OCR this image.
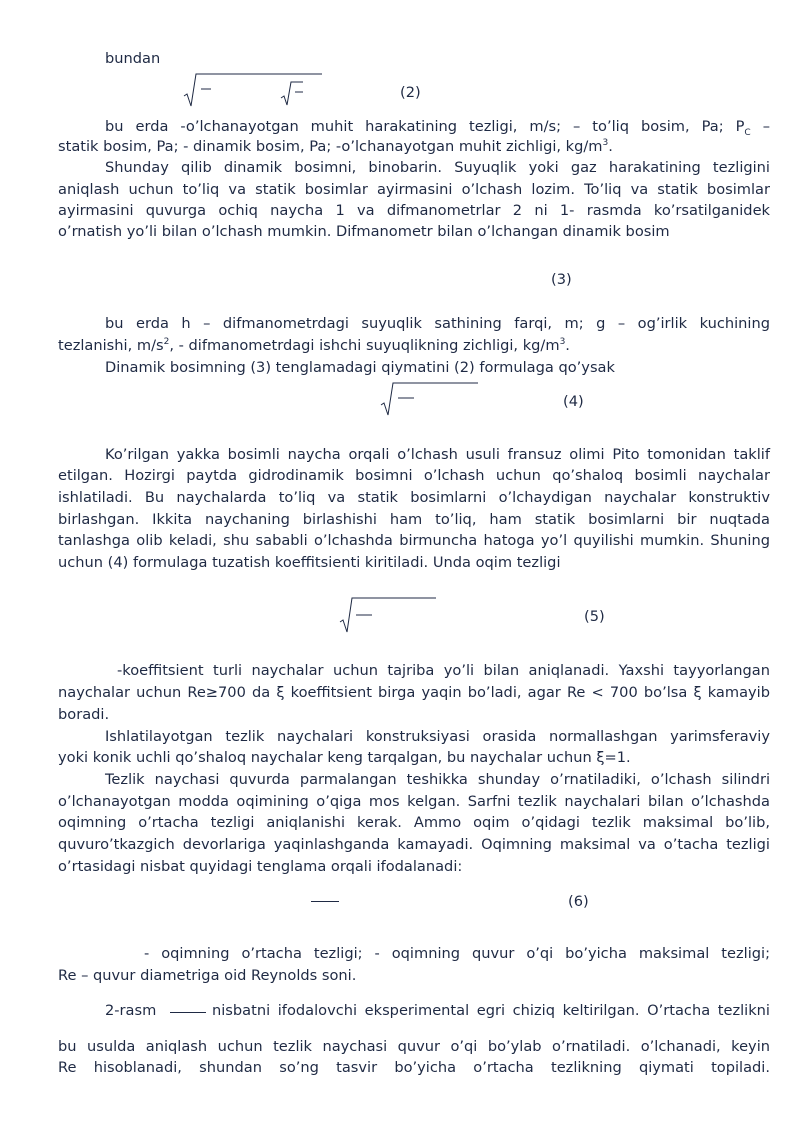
bundan
bu erda -o’lchanayotgan muhit harakatining tezligi, m/s; – to’liq bosim, Pa; $P_C$ –
statik bosim, Pa; - dinamik bosim, Pa; -o’lchanayotgan muhit zichligi, $kg/m^3$.
Shunday qilib dinamik bosimni, binobarin. Suyuqlik yoki gaz harakatining tezligini
aniqlash uchun to’liq va statik bosimlar ayirmasini o’lchash lozim. To’liq va statik bosimlar
ayirmasini quvurga ochiq naycha 1 va difmanometrlar 2 ni 1- rasmda ko’rsatilganidek
o’rnatish yo’li bilan o’lchash mumkin. Difmanometr bilan o’lchangan dinamik bosim
bu erda h – difmanometrdagi suyuqlik sathining farqi, m; g – og’irlik kuchining
tezlanishi, $m/s^2$, - difmanometrdagi ishchi suyuqlikning zichligi, $kg/m^3$.
Dinamik bosimning (3) tenglamadagi qiymatini (2) formulaga qo’ysak
Ko’rilgan yakka bosimli naycha orqali o’lchash usuli fransuz olimi Pito tomonidan taklif
etilgan. Hozirgi paytda gidrodinamik bosimni o’lchash uchun qo’shaloq bosimli naychalar
ishlatiladi. Bu naychalarda to’liq va statik bosimlarni o’lchaydigan naychalar konstruktiv
birlashgan. Ikkita naychaning birlashishi ham to’liq, ham statik bosimlarni bir nuqtada
tanlashga olib keladi, shu sababli o’lchashda birmuncha hatoga yo’l quyilishi mumkin. Shuning
uchun (4) formulaga tuzatish koeffitsienti kiritiladi. Unda oqim tezligi
-koeffitsient turli naychalar uchun tajriba yo’li bilan aniqlanadi. Yaxshi tayyorlangan
naychalar uchun Re≥700 da ξ koeffitsient birga yaqin bo’ladi, agar Re < 700 bo’lsa ξ kamayib
boradi.
Ishlatilayotgan tezlik naychalari konstruksiyasi orasida normallashgan yarimsferaviy
yoki konik uchli qo’shaloq naychalar keng tarqalgan, bu naychalar uchun ξ=1.
Tezlik naychasi quvurda parmalangan teshikka shunday o’rnatiladiki, o’lchash silindri
o’lchanayotgan modda oqimining o’qiga mos kelgan. Sarfni tezlik naychalari bilan o’lchashda
oqimning o’rtacha tezligi aniqlanishi kerak. Ammo oqim o’qidagi tezlik maksimal bo’lib,
quvuro’tkazgich devorlariga yaqinlashganda kamayadi. Oqimning maksimal va o’tacha tezligi
o’rtasidagi nisbat quyidagi tenglama orqali ifodalanadi:
- oqimning o’rtacha tezligi; - oqimning quvur o’qi bo’yicha maksimal tezligi;
Re – quvur diametriga oid Reynolds soni.
2-rasm	nisbatni ifodalovchi eksperimental egri chiziq keltirilgan. O’rtacha tezlikni
bu usulda aniqlash uchun tezlik naychasi quvur o’qi bo’ylab o’rnatiladi. o’lchanadi, keyin
Re hisoblanadi, shundan so’ng tasvir bo’yicha o’rtacha tezlikning qiymati topiladi.
(2)
(3)
(4)
(5)
(6)
